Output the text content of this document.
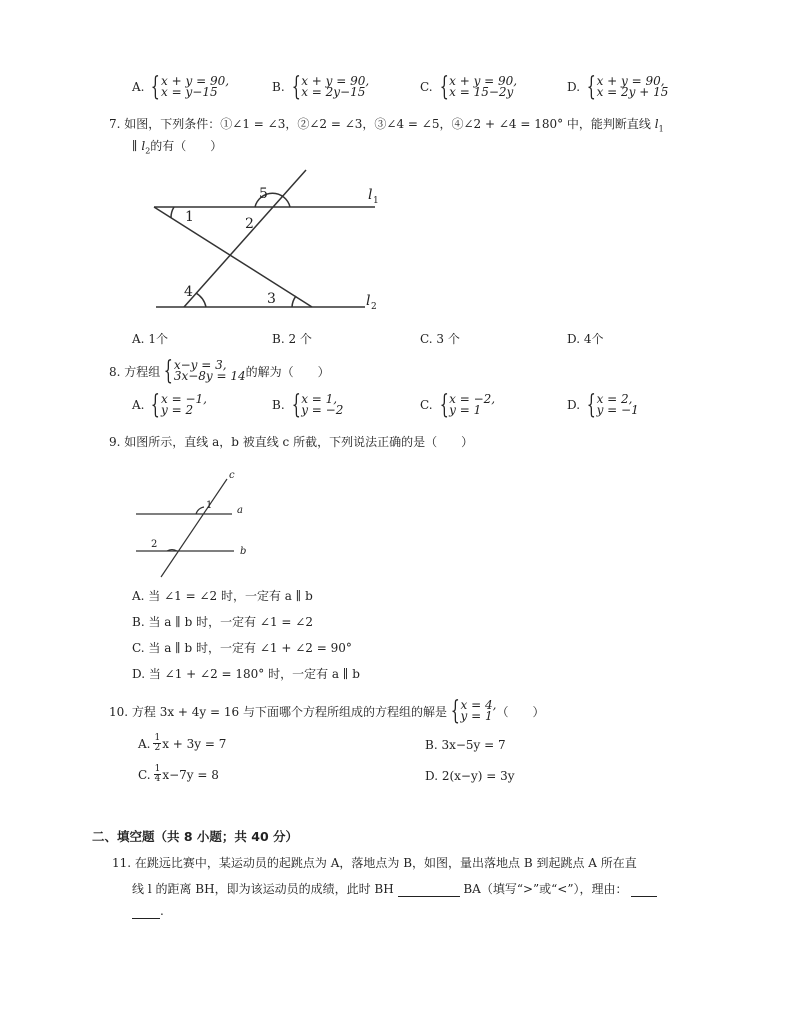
A. { x + y = 90,
x = y−15	B. { x + y = 90,
x = 2y−15	C. { x + y = 90,
x = 15−2y	D. { x + y = 90,
x = 2y + 15
7. 如图，下列条件：①∠1 = ∠3，②∠2 = ∠3，③∠4 = ∠5，④∠2 + ∠4 = 180° 中，能判断直线 $l_1$
∥ $l_2$的有（　　）
1	2
3
4
5	l 1
l 2
A. 1个	B. 2 个	C. 3 个	D. 4个
8. 方程组 { x−y = 3,
3x−8y = 14 的解为（　　）
A. { x = −1,
y = 2	B. { x = 1,
y = −2	C. { x = −2,
y = 1	D. { x = 2,
y = −1
9. 如图所示，直线 a，b 被直线 c 所截，下列说法正确的是（　　）
c
a
b
1
2
A. 当 ∠1 = ∠2 时，一定有 a ∥ b
B. 当 a ∥ b 时，一定有 ∠1 = ∠2
C. 当 a ∥ b 时，一定有 ∠1 + ∠2 = 90°
D. 当 ∠1 + ∠2 = 180° 时，一定有 a ∥ b
10. 方程 3x + 4y = 16 与下面哪个方程所组成的方程组的解是 { x = 4,
y = 1 （　　）
A. $\frac{1}{2}$ x + 3y = 7	B. 3x−5y = 7
C. $\frac{1}{4} x-7y = 8$	D. 2(x−y) = 3y
二、填空题（共 8 小题；共 40 分）
11. 在跳远比赛中，某运动员的起跳点为 A，落地点为 B，如图，量出落地点 B 到起跳点 A 所在直
线 l 的距离 BH，即为该运动员的成绩，此时 BH	BA（填写“>”或“<”），理由：
.
